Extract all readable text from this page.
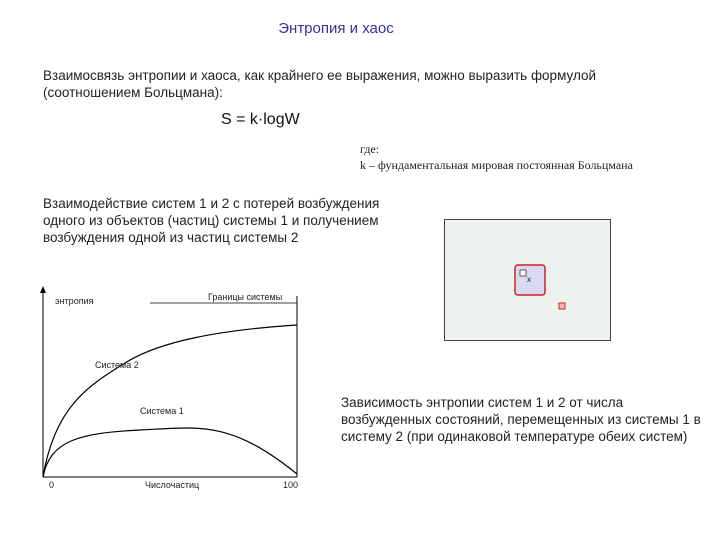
Энтропия и хаос
Взаимосвязь энтропии и хаоса, как крайнего ее выражения, можно выразить формулой (соотношением Больцмана):
S = k·logW
где:
k – фундаментальная мировая постоянная Больцмана
Взаимодействие систем 1 и 2 с потерей возбуждения одного из объектов (частиц) системы 1 и получением возбуждения одной из частиц системы 2
х
энтропия	Границы системы
Система 2
Система 1
0	Числочастиц	100
Зависимость энтропии систем 1 и 2 от числа возбужденных состояний, перемещенных из системы 1 в систему 2 (при одинаковой температуре обеих систем)
